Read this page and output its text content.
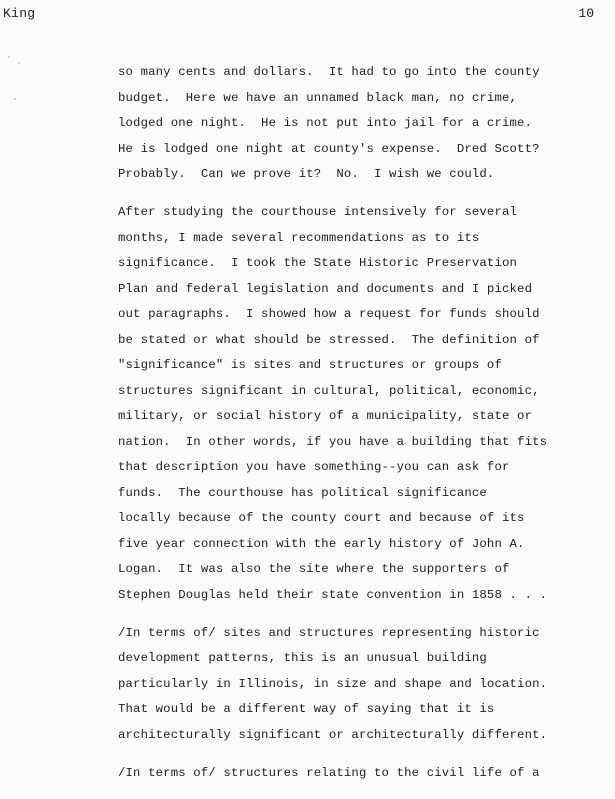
King	10
so many cents and dollars.  It had to go into the county
budget.  Here we have an unnamed black man, no crime,
lodged one night.  He is not put into jail for a crime.
He is lodged one night at county's expense.  Dred Scott?
Probably.  Can we prove it?  No.  I wish we could.
After studying the courthouse intensively for several
months, I made several recommendations as to its
significance.  I took the State Historic Preservation
Plan and federal legislation and documents and I picked
out paragraphs.  I showed how a request for funds should
be stated or what should be stressed.  The definition of
"significance" is sites and structures or groups of
structures significant in cultural, political, economic,
military, or social history of a municipality, state or
nation.  In other words, if you have a building that fits
that description you have something--you can ask for
funds.  The courthouse has political significance
locally because of the county court and because of its
five year connection with the early history of John A.
Logan.  It was also the site where the supporters of
Stephen Douglas held their state convention in 1858 . . .
/In terms of/ sites and structures representing historic
development patterns, this is an unusual building
particularly in Illinois, in size and shape and location.
That would be a different way of saying that it is
architecturally significant or architecturally different.
/In terms of/ structures relating to the civil life of a
